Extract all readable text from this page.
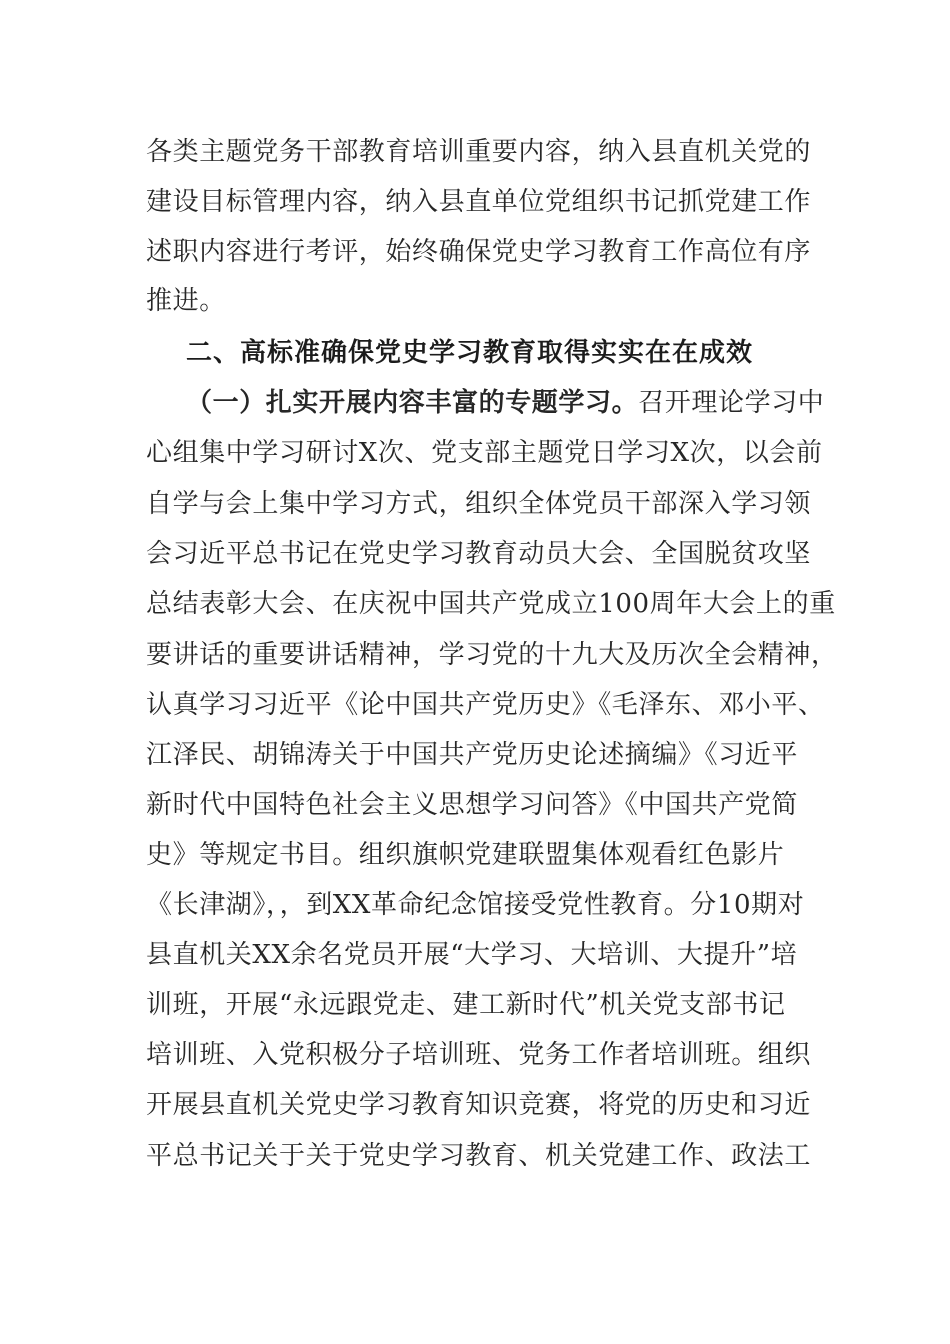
各类主题党务干部教育培训重要内容，纳入县直机关党的
建设目标管理内容，纳入县直单位党组织书记抓党建工作
述职内容进行考评，始终确保党史学习教育工作高位有序
推进。
二、高标准确保党史学习教育取得实实在在成效
（一）扎实开展内容丰富的专题学习。召开理论学习中
心组集中学习研讨X次、党支部主题党日学习X次，以会前
自学与会上集中学习方式，组织全体党员干部深入学习领
会习近平总书记在党史学习教育动员大会、全国脱贫攻坚
总结表彰大会、在庆祝中国共产党成立100周年大会上的重
要讲话的重要讲话精神，学习党的十九大及历次全会精神，
认真学习习近平《论中国共产党历史》《毛泽东、邓小平、
江泽民、胡锦涛关于中国共产党历史论述摘编》《习近平
新时代中国特色社会主义思想学习问答》《中国共产党简
史》等规定书目。组织旗帜党建联盟集体观看红色影片
《长津湖》，，到XX革命纪念馆接受党性教育。分10期对
县直机关XX余名党员开展“大学习、大培训、大提升”培
训班，开展“永远跟党走、建工新时代”机关党支部书记
培训班、入党积极分子培训班、党务工作者培训班。组织
开展县直机关党史学习教育知识竞赛，将党的历史和习近
平总书记关于关于党史学习教育、机关党建工作、政法工
